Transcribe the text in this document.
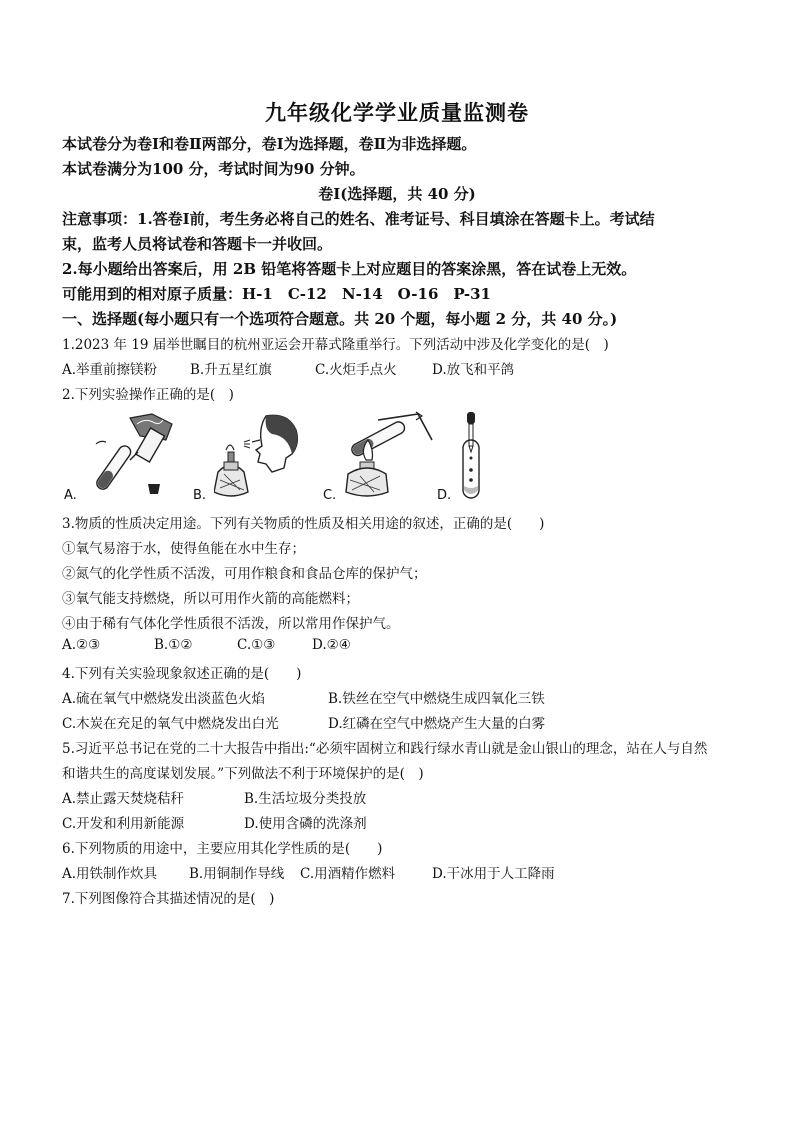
九年级化学学业质量监测卷
本试卷分为卷Ⅰ和卷Ⅱ两部分，卷Ⅰ为选择题，卷Ⅱ为非选择题。
本试卷满分为100 分，考试时间为90 分钟。
卷Ⅰ(选择题，共 40 分)
注意事项：1.答卷Ⅰ前，考生务必将自己的姓名、准考证号、科目填涂在答题卡上。考试结
束，监考人员将试卷和答题卡一并收回。
2.每小题给出答案后，用 2B 铅笔将答题卡上对应题目的答案涂黑，答在试卷上无效。
可能用到的相对原子质量：H-1　C-12　N-14　O-16　P-31
一、选择题(每小题只有一个选项符合题意。共 20 个题，每小题 2 分，共 40 分。)
1.2023 年 19 届举世瞩目的杭州亚运会开幕式隆重举行。下列活动中涉及化学变化的是(　)
A.举重前擦镁粉 B.升五星红旗	C.火炬手点火	D.放飞和平鸽
2.下列实验操作正确的是(　)
A.	B.	C.	D.
3.物质的性质决定用途。下列有关物质的性质及相关用途的叙述，正确的是(　　)
①氧气易溶于水，使得鱼能在水中生存；
②氮气的化学性质不活泼，可用作粮食和食品仓库的保护气；
③氧气能支持燃烧，所以可用作火箭的高能燃料；
④由于稀有气体化学性质很不活泼，所以常用作保护气。
A.②③	B.①②	C.①③	D.②④
4.下列有关实验现象叙述正确的是(　　)
A.硫在氧气中燃烧发出淡蓝色火焰	B.铁丝在空气中燃烧生成四氧化三铁
C.木炭在充足的氧气中燃烧发出白光	D.红磷在空气中燃烧产生大量的白雾
5.习近平总书记在党的二十大报告中指出:“必须牢固树立和践行绿水青山就是金山银山的理念，站在人与自然
和谐共生的高度谋划发展。”下列做法不利于环境保护的是(　)
A.禁止露天焚烧秸秆	B.生活垃圾分类投放
C.开发和利用新能源	D.使用含磷的洗涤剂
6.下列物质的用途中，主要应用其化学性质的是(　　)
A.用铁制作炊具 B.用铜制作导线 C.用酒精作燃料	D.干冰用于人工降雨
7.下列图像符合其描述情况的是(　)
